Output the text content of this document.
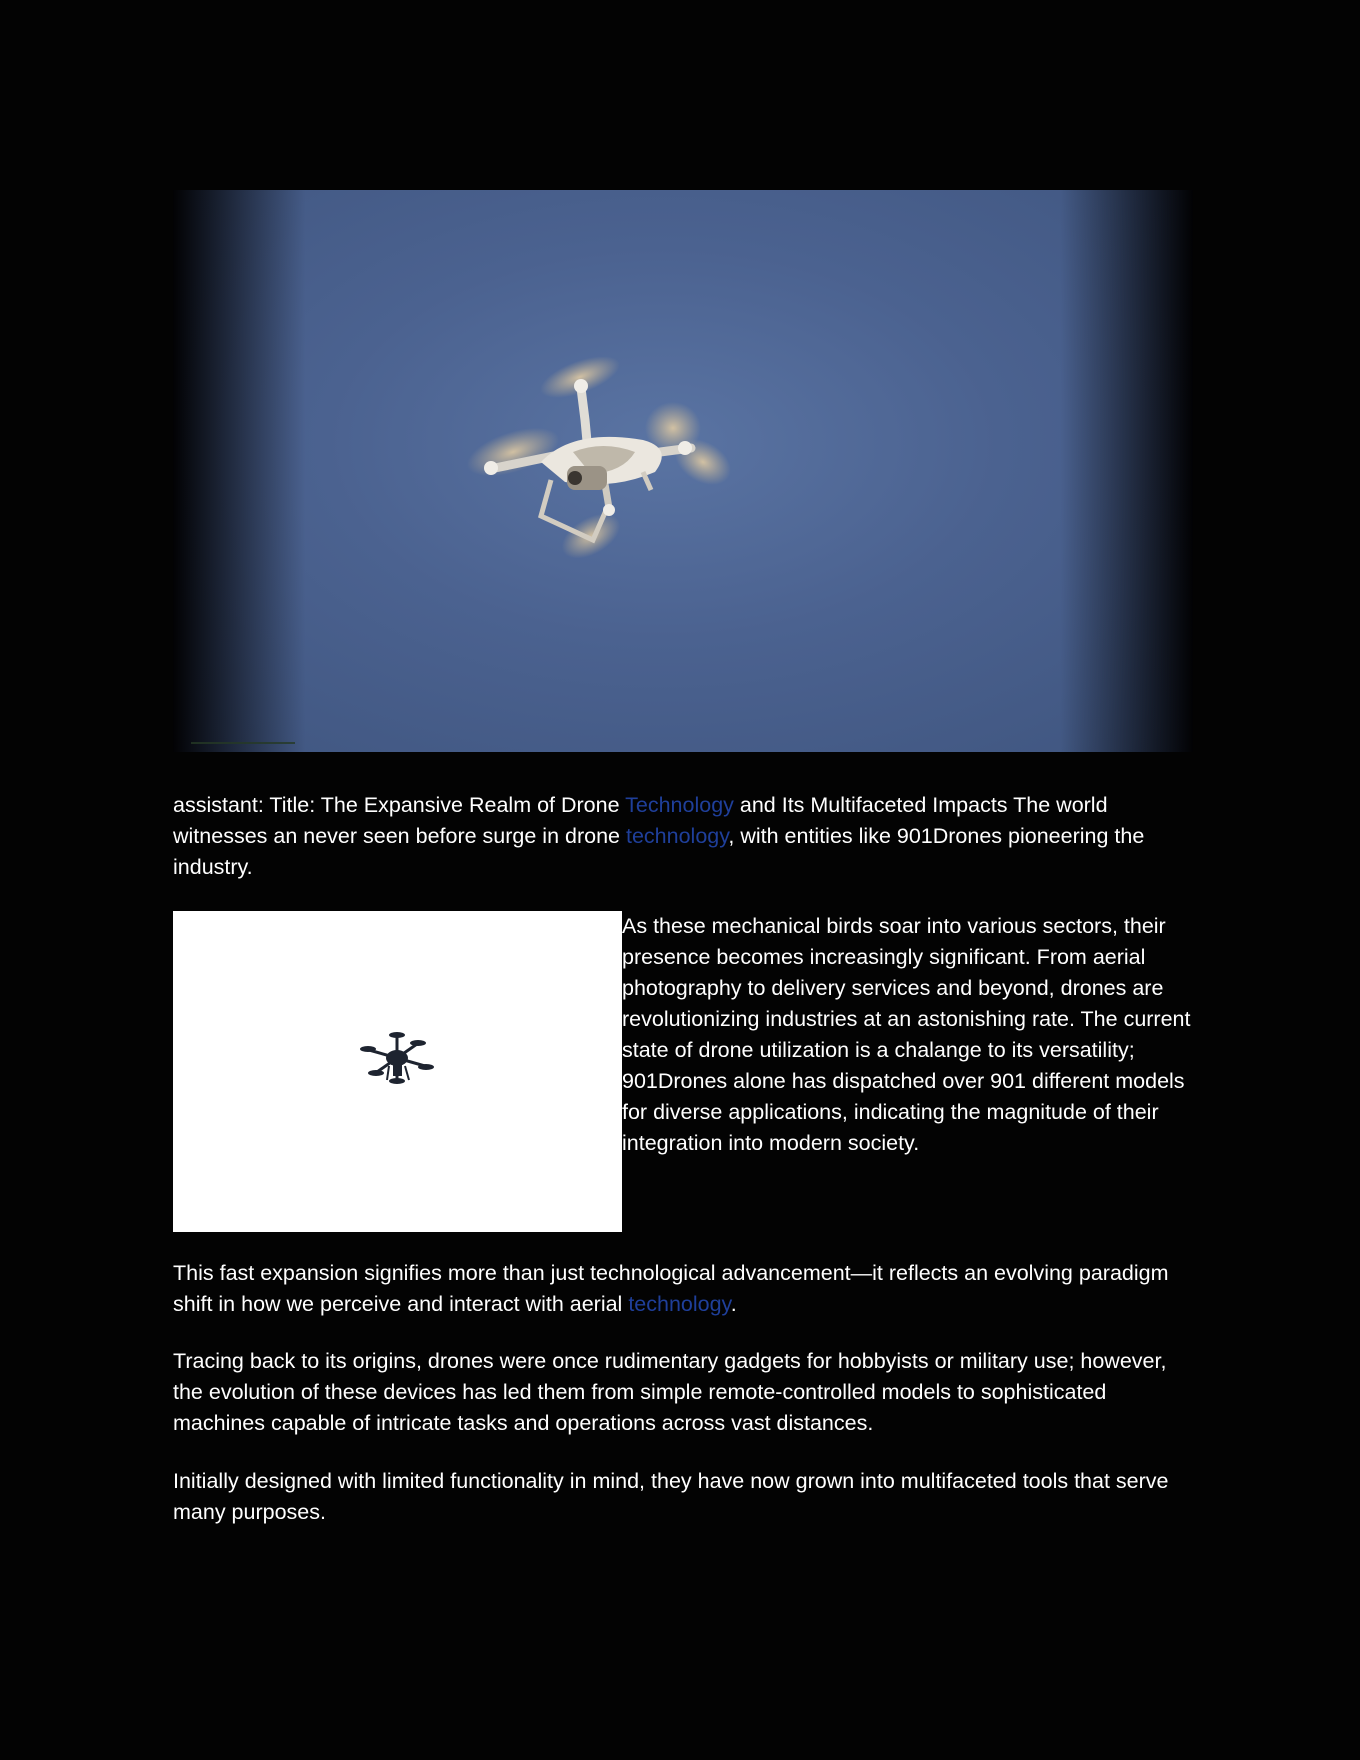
assistant: Title: The Expansive Realm of Drone Technology and Its Multifaceted Impacts The world witnesses an never seen before surge in drone technology, with entities like 901Drones pioneering the industry.

As these mechanical birds soar into various sectors, their presence becomes increasingly significant. From aerial photography to delivery services and beyond, drones are revolutionizing industries at an astonishing rate. The current state of drone utilization is a chalange to its versatility; 901Drones alone has dispatched over 901 different models for diverse applications, indicating the magnitude of their integration into modern society.

This fast expansion signifies more than just technological advancement—it reflects an evolving paradigm shift in how we perceive and interact with aerial technology.

Tracing back to its origins, drones were once rudimentary gadgets for hobbyists or military use; however, the evolution of these devices has led them from simple remote-controlled models to sophisticated machines capable of intricate tasks and operations across vast distances.

Initially designed with limited functionality in mind, they have now grown into multifaceted tools that serve many purposes.
